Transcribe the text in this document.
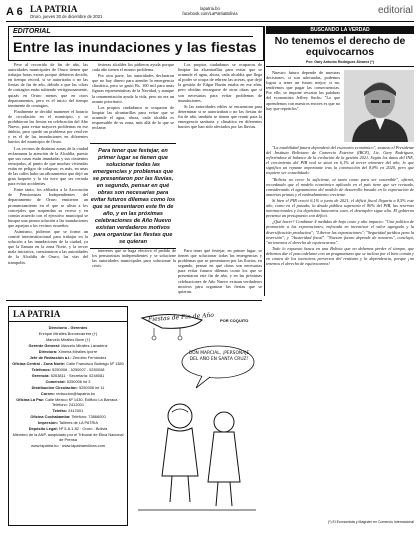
A 6 LA PATRIA
Oruro, jueves 30 de diciembre de 2021
lapatria.bo
facebook.com/LaPatriaBolivia	editorial
EDITORIAL
Entre las inundaciones y las fiestas

Pese al recorrido de fin de año, las autoridades municipales de Oruro tienen que trabajar horas extras porque debieron decidir, en tiempo récord, si se autorizaba o no las fiestas de fin de año, debido a que las cifras de contagios están subiendo vertiginosamente, quizás en Oruro menos que en otros departamentos, pero es el inicio del tiempo inminente de contagios.

Finalmente se decidió mantener el horario de circulación en el municipio, y se prohibieron las fiestas en celebración del Año Nuevo, para evitar mayores problemas en ese ámbito, pero quedó un problema por resolver y es el de las inundaciones en diferentes barrios del municipio de Oruro.

Los vecinos de distintas zonas de la ciudad reclamaron la atención de la Alcaldía, puesto que sus casas están inundadas y sus cimientos remojados, al punto de que muchas viviendas están en peligro de colapsar; es más, en unas de las calles hubo un afloramiento que dejó un gran boquete y la vía tuvo que ser cerrada para evitar accidentes.

Entre tanto, los afiliados a la Asociación de Pensionistas Independientes del departamento de Oruro emitieron un pronunciamiento en el que se alista a los concejales que suspendan su receso y en común acuerdo con el ejecutivo municipal se busque una pronta solución a las inundaciones que aquejan a los vecinos orureños.

Asimismo, pidieron que se forme un comité interinstitucional para trabajar en la solución a las inundaciones de la ciudad, ya que la llanura en la zona Norte, y la tercer mala iniciativa, cuestionaron a las autoridades de la Alcaldía de Oruro, las vías del trampolín.

festeras alcaldes los pidieron ayuda porque cada año tienen el mismo problema.

Por otra parte, las autoridades declararon que no hay dinero para atender la emergencia climática, pero se gastó Bs. 100 mil para unas figuras representativas de la Navidad, y aunque la ornamentación ayuda la vida, pero no era un asunto prioritario.

Los propios ciudadanos se ocuparon de limpiar las alcantarillas para evitar que se acumule el agua, ahora, cada alcaldía es responsable de su zona, más allá de lo que se reclame.

Los propios ciudadanos se ocuparon de limpiar las alcantarillas para evitar que se acumule el agua, ahora, cada alcaldía que llega al poder se ocupa de rebrear las aceras, que dejó la gestión de Edgar Bazán estaba en ese afán, pero olvidan encargarse de otras obras que sí son necesarias para evitar problemas de inundaciones.

Si las autoridades ediles se encuentran para determinar si se autorizaban o no las fiestas de fin de año, también se tienen que reunir para la emergencia sanitaria y climática en diferentes barrios que han sido afectados por las lluvias.

Para tener que festejar, en primer lugar se tienen que solucionar todas las emergencias y problemas que se presentaron por las lluvias, en segundo, pensar en qué obras son necesarias para evitar futuros dilemas como los que se presentaron este fin de año, y en las próximas celebraciones de Año Nuevo existan verdaderos motivos para organizar las fiestas que se quieran

intereses que se haga efectivo el pedido de los pensionistas independientes y se solucione las autoridades municipales para solucionar la crisis.

Para tener qué festejar, en primer lugar, se tienen que solucionar todas las emergencias y problemas que se presentaron por las lluvias, en segundo, pensar en qué obras son necesarias para evitar futuros dilemas como los que se presentaron este fin de año, y en las próximas celebraciones de Año Nuevo existan verdaderos motivos para organizar las fiestas que se quieran.

BUSCANDO LA VERDAD
No tenemos el derecho de equivocarnos
Por: Gary Antonio Rodríguez Álvarez (*)

Nuestro futuro depende de nuestras decisiones, si son adecuadas, podemos lograr a tener un futuro mejor; si no, tendremos que pagar las consecuencias. Por ello, se impone rescatar las palabras del economista Jeffrey Sachs: "Lo que aprendemos con nuestros errores es que no hay que repetirlos".

"La estabilidad futura dependerá del escenario económico", sostuvo el Presidente del Instituto Boliviano de Comercio Exterior (IBCE), Lic. Gary Rodríguez, refiriéndose al balance de la evolución de la gestión 2021. Según los datos del INE, el crecimiento del PIB real se situó en 6,1% al tercer trimestre del año, lo que significa un repunte importante tras la contracción del 8,8% en 2020, pero que requiere ser consolidado.

"Bolivia no crece lo suficiente, ni tanto como para ser sostenible", afirmó, recordando que el modelo económico aplicado en el país tiene que ser revisado, considerando el agotamiento del modelo de desarrollo basado en la exportación de materias primas y el endeudamiento creciente.

Si bien el PIB creció 6,1% a junio de 2021, el déficit fiscal llegaría a 8,5% este año, como en el pasado; la deuda pública superaría el 80% del PIB, las reservas internacionales y los depósitos bancarios caen, el desempleo sigue alto. El gobierno presenta un presupuesto con déficit.

¿Qué hacer? Combinar 4 medidas de bajo costo y alto impacto: "Una política de promoción a las exportaciones, enfocada en incentivar el valor agregado y la diversificación productiva"; "Liberar las exportaciones"; "Seguridad jurídica para la inversión"; y "Austeridad fiscal". "Nuestro futuro depende de nosotros", concluyó, "no tenemos el derecho de equivocarnos".

Todo lo expuesto busca en una Bolivia que no debemos perder el tiempo, que debemos dar el paso adelante con un pragmatismo que se inclina por el bien común y en contra de los incentivos perversos del rentismo y la dependencia, porque ¡no tenemos el derecho de equivocarnos!

(*) El Economista y Magíster en Comercio Internacional
LA PATRIA
Directorio - Gerentes
Enrique Miralles Bonnecarrère (†)
Marcelo Miralles Bove (†)
Gerente General: Marcelo Miralles Lavadenz
Directora: Ximena Miralles Iporre
Jefe de Redacción a.i.: Zenobio Fernández
Oficina Central - Zona Norte: Calle Francisco Buitrago Nº 1380
Teléfonos: 5250006 - 5250007 - 5250008
Gerencia: 5263811 · Secretaría: 5248081
Comercial: 5250006 int 3
Distribución Circulación: 5250006 int 11
Correo: redaccion@lapatria.bo
Oficina La Paz: Calle Mexico Nº 1430, Edificio La Barraca · Teléfono: 2412001
Telefax: 2412001
Oficina Cochabamba: Teléfono: 73866000
Impresión: Talleres de LA PATRIA
Depósito Legal: Nº 5-8-1-82 · Oruro - Bolivia
Miembro de la ANP, auspiciado por el Tribunal de Ética Nacional de Prensa
www.lapatria.bo · www.lapatriaenlinea.com
Fiestas de Fin de Año POR COQUITO
DON MARCIAL, ¡PERSONAJE DEL AÑO EN SANTA CRUZ!
